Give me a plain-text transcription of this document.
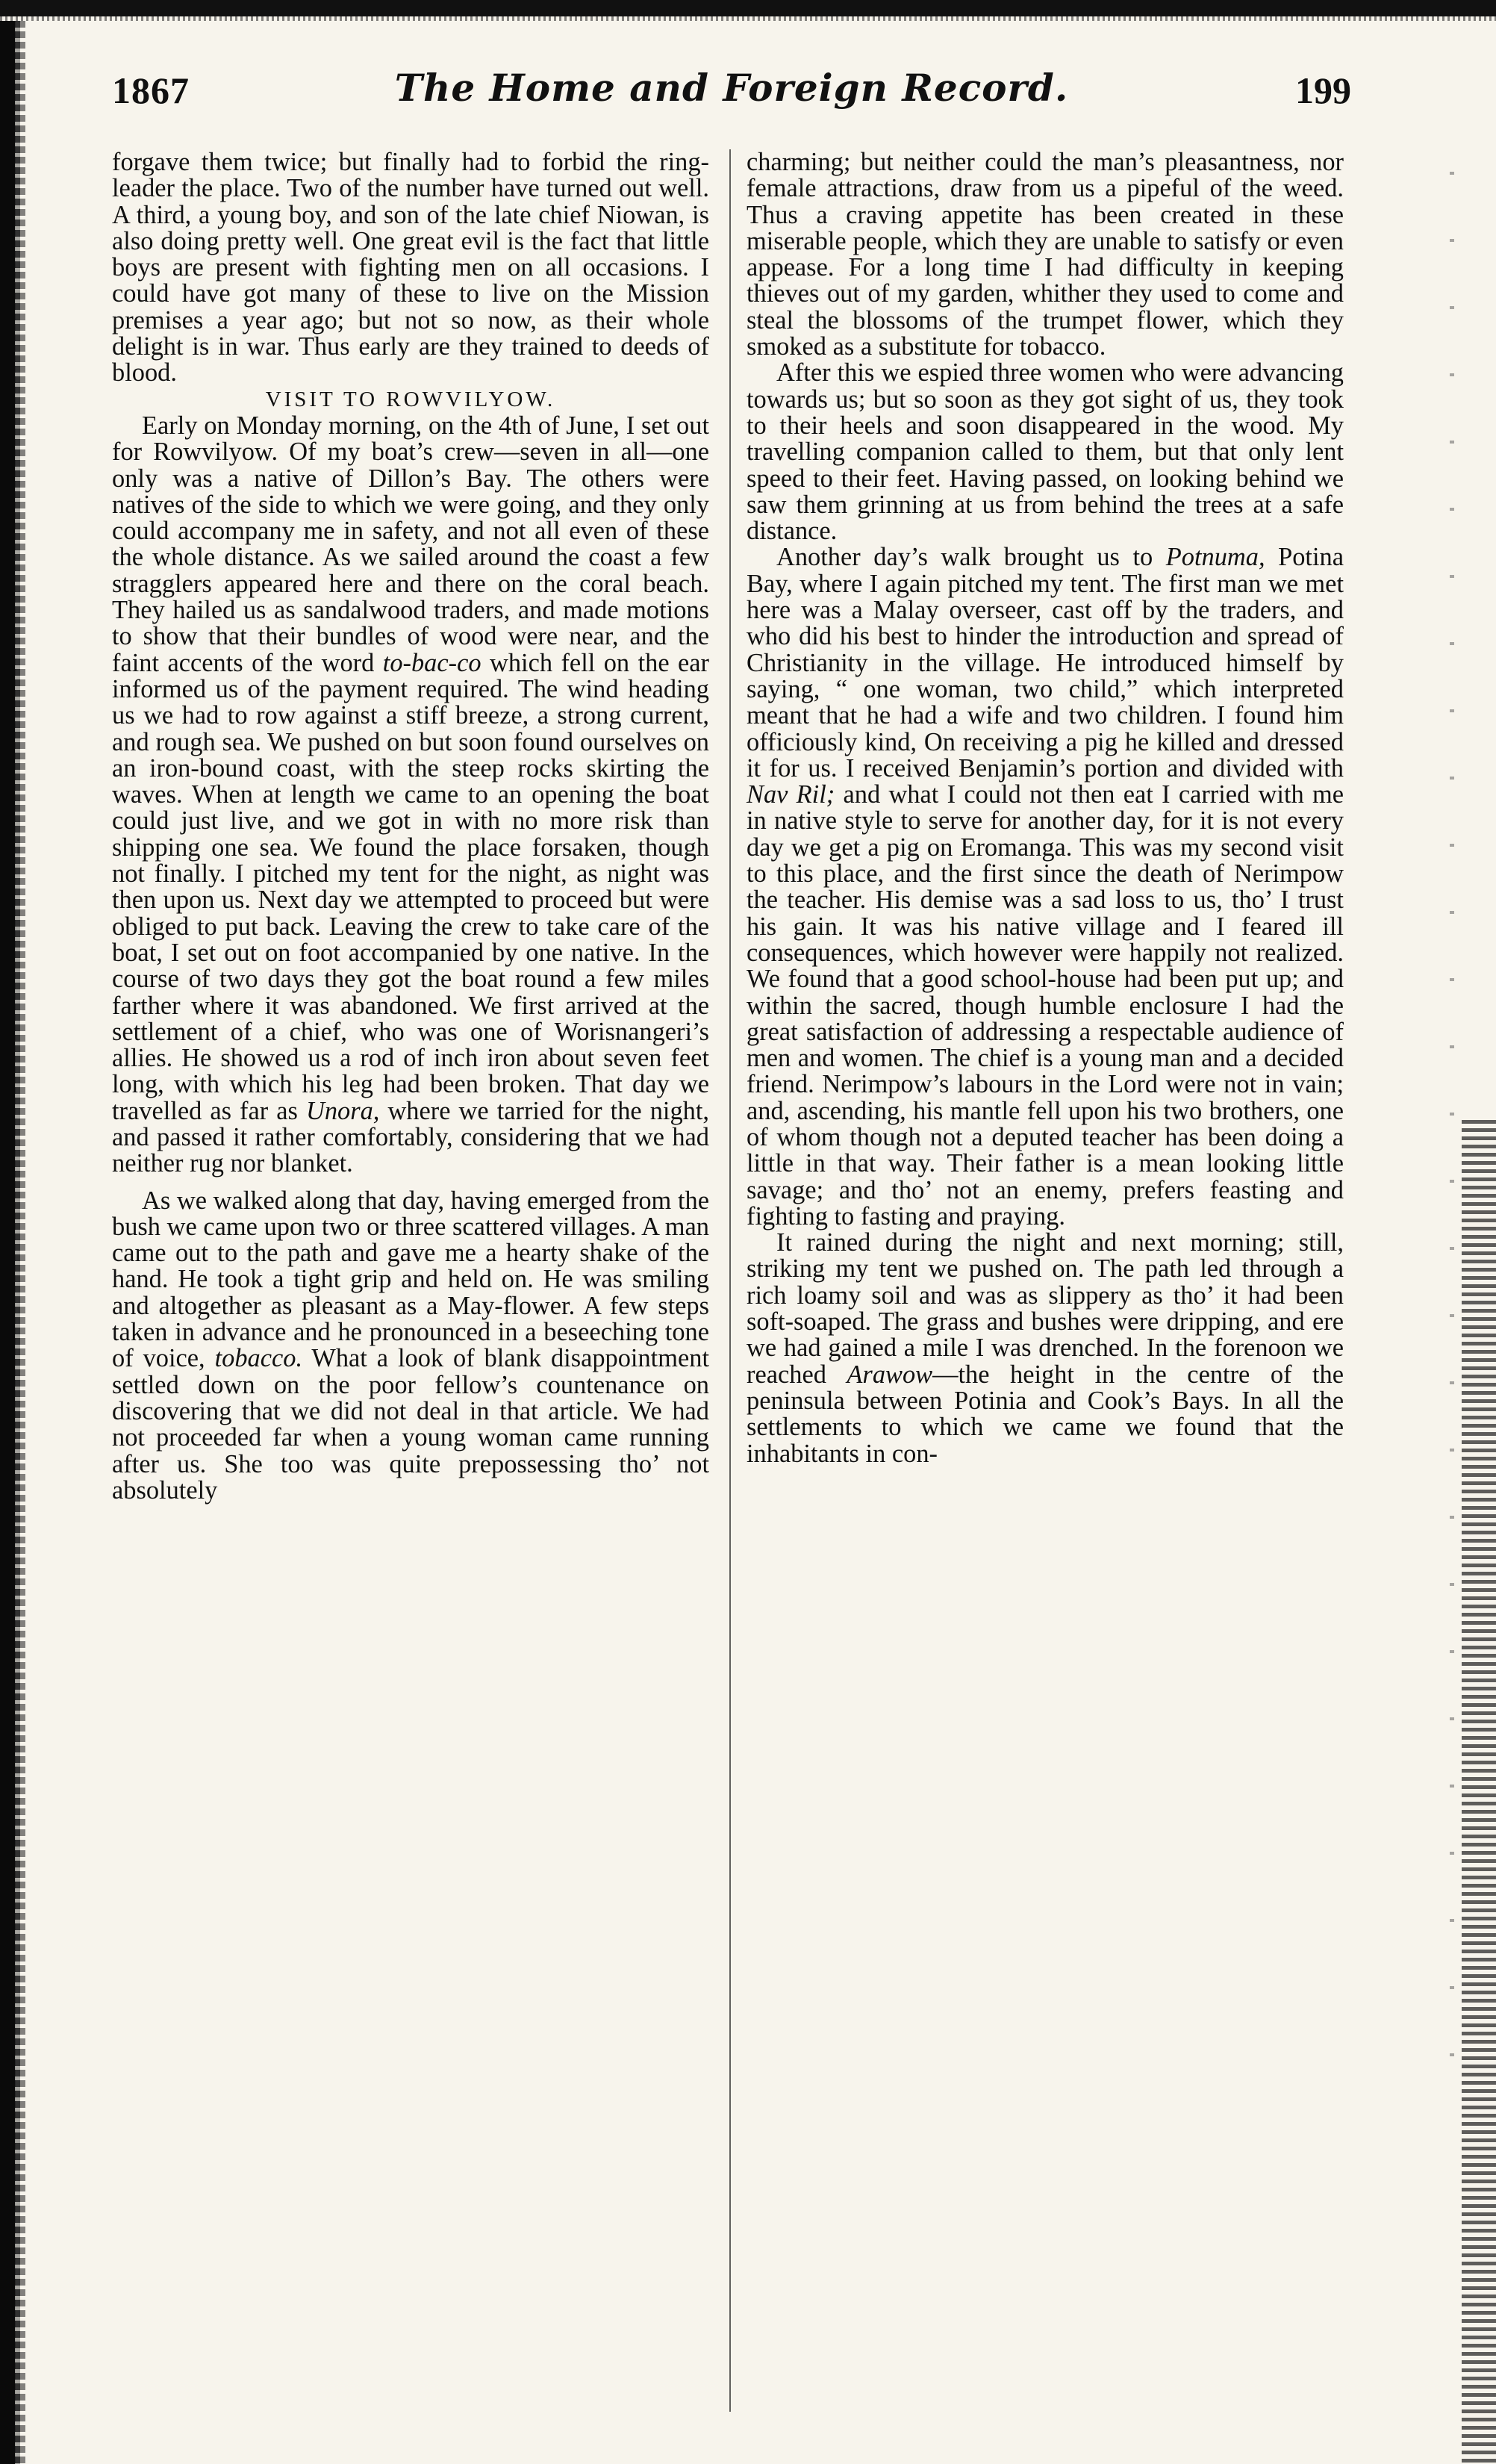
1867	The Home and Foreign Record.	199

forgave them twice; but finally had to forbid the ring-leader the place. Two of the number have turned out well. A third, a young boy, and son of the late chief Niowan, is also doing pretty well. One great evil is the fact that little boys are present with fighting men on all occasions. I could have got many of these to live on the Mission premises a year ago; but not so now, as their whole delight is in war. Thus early are they trained to deeds of blood.

VISIT TO ROWVILYOW.

Early on Monday morning, on the 4th of June, I set out for Rowvilyow. Of my boat’s crew—seven in all—one only was a native of Dillon’s Bay. The others were natives of the side to which we were going, and they only could accompany me in safety, and not all even of these the whole distance. As we sailed around the coast a few stragglers appeared here and there on the coral beach. They hailed us as sandalwood traders, and made motions to show that their bundles of wood were near, and the faint accents of the word to-bac-co which fell on the ear informed us of the payment required. The wind heading us we had to row against a stiff breeze, a strong current, and rough sea. We pushed on but soon found ourselves on an iron-bound coast, with the steep rocks skirting the waves. When at length we came to an opening the boat could just live, and we got in with no more risk than shipping one sea. We found the place forsaken, though not finally. I pitched my tent for the night, as night was then upon us. Next day we attempted to proceed but were obliged to put back. Leaving the crew to take care of the boat, I set out on foot accompanied by one native. In the course of two days they got the boat round a few miles farther where it was abandoned. We first arrived at the settlement of a chief, who was one of Worisnangeri’s allies. He showed us a rod of inch iron about seven feet long, with which his leg had been broken. That day we travelled as far as Unora, where we tarried for the night, and passed it rather comfortably, considering that we had neither rug nor blanket.

As we walked along that day, having emerged from the bush we came upon two or three scattered villages. A man came out to the path and gave me a hearty shake of the hand. He took a tight grip and held on. He was smiling and altogether as pleasant as a May-flower. A few steps taken in advance and he pronounced in a beseeching tone of voice, tobacco. What a look of blank disappointment settled down on the poor fellow’s countenance on discovering that we did not deal in that article. We had not proceeded far when a young woman came running after us. She too was quite prepossessing tho’ not absolutely

charming; but neither could the man’s pleasantness, nor female attractions, draw from us a pipeful of the weed. Thus a craving appetite has been created in these miserable people, which they are unable to satisfy or even appease. For a long time I had difficulty in keeping thieves out of my garden, whither they used to come and steal the blossoms of the trumpet flower, which they smoked as a substitute for tobacco.

After this we espied three women who were advancing towards us; but so soon as they got sight of us, they took to their heels and soon disappeared in the wood. My travelling companion called to them, but that only lent speed to their feet. Having passed, on looking behind we saw them grinning at us from behind the trees at a safe distance.

Another day’s walk brought us to Potnuma, Potina Bay, where I again pitched my tent. The first man we met here was a Malay overseer, cast off by the traders, and who did his best to hinder the introduction and spread of Christianity in the village. He introduced himself by saying, “ one woman, two child,” which interpreted meant that he had a wife and two children. I found him officiously kind, On receiving a pig he killed and dressed it for us. I received Benjamin’s portion and divided with Nav Ril; and what I could not then eat I carried with me in native style to serve for another day, for it is not every day we get a pig on Eromanga. This was my second visit to this place, and the first since the death of Nerimpow the teacher. His demise was a sad loss to us, tho’ I trust his gain. It was his native village and I feared ill consequences, which however were happily not realized. We found that a good school-house had been put up; and within the sacred, though humble enclosure I had the great satisfaction of addressing a respectable audience of men and women. The chief is a young man and a decided friend. Nerimpow’s labours in the Lord were not in vain; and, ascending, his mantle fell upon his two brothers, one of whom though not a deputed teacher has been doing a little in that way. Their father is a mean looking little savage; and tho’ not an enemy, prefers feasting and fighting to fasting and praying.

It rained during the night and next morning; still, striking my tent we pushed on. The path led through a rich loamy soil and was as slippery as tho’ it had been soft-soaped. The grass and bushes were dripping, and ere we had gained a mile I was drenched. In the forenoon we reached Arawow—the height in the centre of the peninsula between Potinia and Cook’s Bays. In all the settlements to which we came we found that the inhabitants in con-
